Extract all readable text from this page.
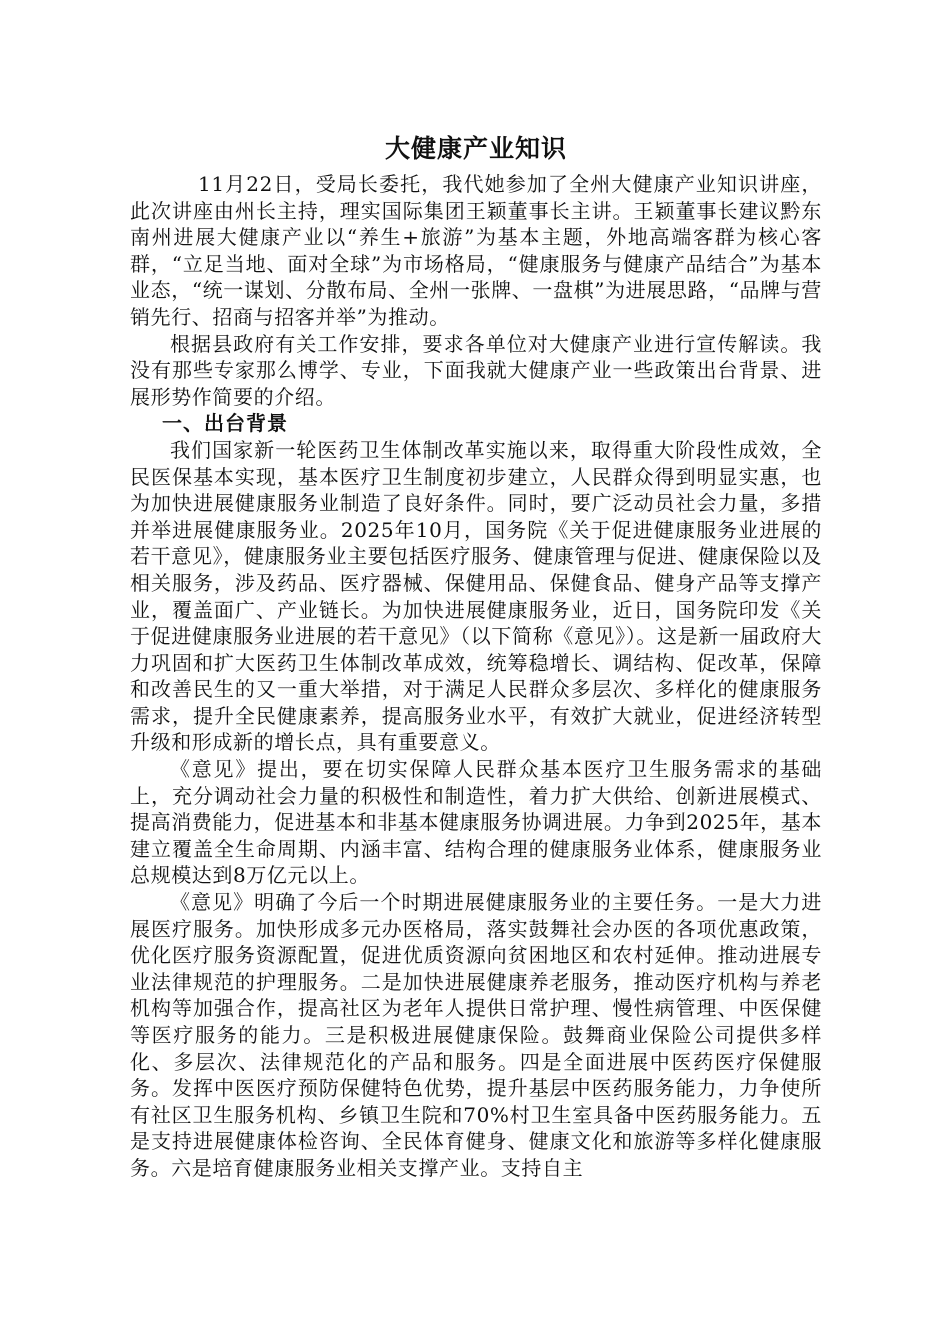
大健康产业知识

11月22日，受局长委托，我代她参加了全州大健康产业知识讲座，此次讲座由州长主持，理实国际集团王颖董事长主讲。王颖董事长建议黔东南州进展大健康产业以“养生+旅游”为基本主题，外地高端客群为核心客群，“立足当地、面对全球”为市场格局，“健康服务与健康产品结合”为基本业态，“统一谋划、分散布局、全州一张牌、一盘棋”为进展思路，“品牌与营销先行、招商与招客并举”为推动。

根据县政府有关工作安排，要求各单位对大健康产业进行宣传解读。我没有那些专家那么博学、专业，下面我就大健康产业一些政策出台背景、进展形势作简要的介绍。

一、出台背景

我们国家新一轮医药卫生体制改革实施以来，取得重大阶段性成效，全民医保基本实现，基本医疗卫生制度初步建立，人民群众得到明显实惠，也为加快进展健康服务业制造了良好条件。同时，要广泛动员社会力量，多措并举进展健康服务业。2025年10月，国务院《关于促进健康服务业进展的若干意见》，健康服务业主要包括医疗服务、健康管理与促进、健康保险以及相关服务，涉及药品、医疗器械、保健用品、保健食品、健身产品等支撑产业，覆盖面广、产业链长。为加快进展健康服务业，近日，国务院印发《关于促进健康服务业进展的若干意见》（以下简称《意见》）。这是新一届政府大力巩固和扩大医药卫生体制改革成效，统筹稳增长、调结构、促改革，保障和改善民生的又一重大举措，对于满足人民群众多层次、多样化的健康服务需求，提升全民健康素养，提高服务业水平，有效扩大就业，促进经济转型升级和形成新的增长点，具有重要意义。

《意见》提出，要在切实保障人民群众基本医疗卫生服务需求的基础上，充分调动社会力量的积极性和制造性，着力扩大供给、创新进展模式、提高消费能力，促进基本和非基本健康服务协调进展。力争到2025年，基本建立覆盖全生命周期、内涵丰富、结构合理的健康服务业体系，健康服务业总规模达到8万亿元以上。

《意见》明确了今后一个时期进展健康服务业的主要任务。一是大力进展医疗服务。加快形成多元办医格局，落实鼓舞社会办医的各项优惠政策，优化医疗服务资源配置，促进优质资源向贫困地区和农村延伸。推动进展专业法律规范的护理服务。二是加快进展健康养老服务，推动医疗机构与养老机构等加强合作，提高社区为老年人提供日常护理、慢性病管理、中医保健等医疗服务的能力。三是积极进展健康保险。鼓舞商业保险公司提供多样化、多层次、法律规范化的产品和服务。四是全面进展中医药医疗保健服务。发挥中医医疗预防保健特色优势，提升基层中医药服务能力，力争使所有社区卫生服务机构、乡镇卫生院和70%村卫生室具备中医药服务能力。五是支持进展健康体检咨询、全民体育健身、健康文化和旅游等多样化健康服务。六是培育健康服务业相关支撑产业。支持自主
